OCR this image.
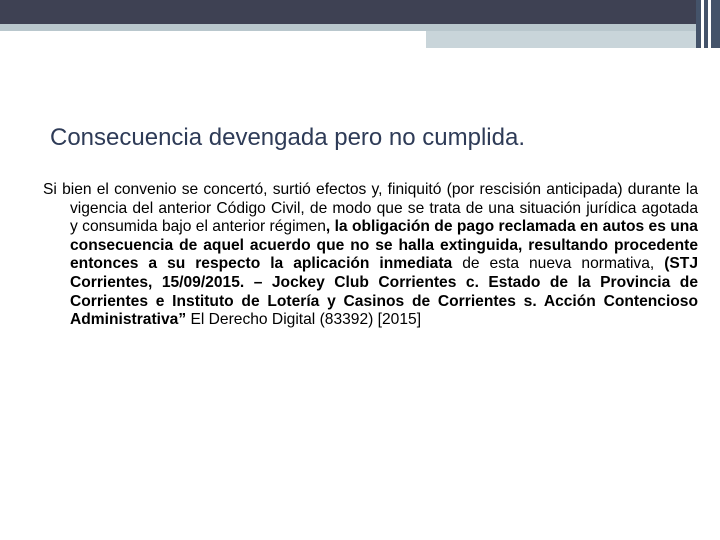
Consecuencia devengada pero no cumplida.

Si bien el convenio se concertó, surtió efectos y, finiquitó (por rescisión anticipada) durante la vigencia del anterior Código Civil, de modo que se trata de una situación jurídica agotada y consumida bajo el anterior régimen, la obligación de pago reclamada en autos es una consecuencia de aquel acuerdo que no se halla extinguida, resultando procedente entonces a su respecto la aplicación inmediata de esta nueva normativa, (STJ Corrientes, 15/09/2015. – Jockey Club Corrientes c. Estado de la Provincia de Corrientes e Instituto de Lotería y Casinos de Corrientes s. Acción Contencioso Administrativa” El Derecho Digital (83392) [2015]
